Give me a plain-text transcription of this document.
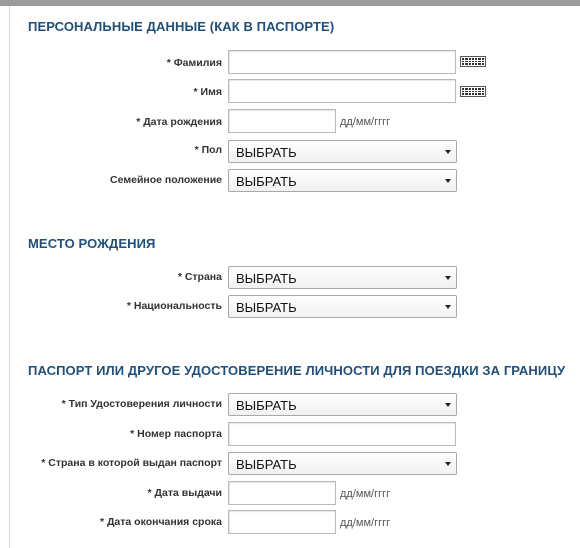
ПЕРСОНАЛЬНЫЕ ДАННЫЕ (КАК В ПАСПОРТЕ)
* Фамилия
* Имя
* Дата рождения	дд/мм/гггг
* Пол ВЫБРАТЬ
Семейное положение ВЫБРАТЬ
МЕСТО РОЖДЕНИЯ
* Страна ВЫБРАТЬ
* Национальность ВЫБРАТЬ
ПАСПОРТ ИЛИ ДРУГОЕ УДОСТОВЕРЕНИЕ ЛИЧНОСТИ ДЛЯ ПОЕЗДКИ ЗА ГРАНИЦУ
* Тип Удостоверения личности ВЫБРАТЬ
* Номер паспорта
* Страна в которой выдан паспорт ВЫБРАТЬ
* Дата выдачи	дд/мм/гггг
* Дата окончания срока	дд/мм/гггг
